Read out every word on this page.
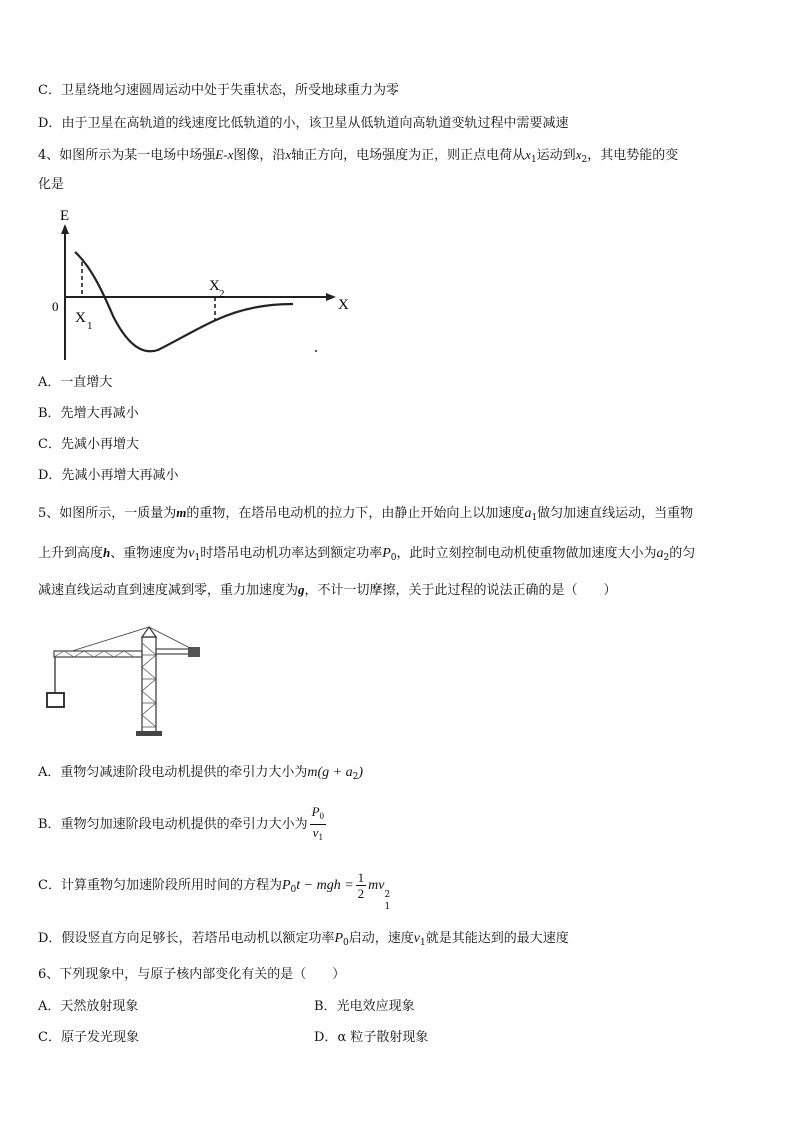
C．卫星绕地匀速圆周运动中处于失重状态，所受地球重力为零
D．由于卫星在高轨道的线速度比低轨道的小，该卫星从低轨道向高轨道变轨过程中需要减速
4、如图所示为某一电场中场强E-x图像，沿x轴正方向，电场强度为正，则正点电荷从$x_1$运动到$x_2$，其电势能的变
化是
E
X
0
X 1
X 2
A．一直增大
B．先增大再减小
C．先减小再增大
D．先减小再增大再减小
5、如图所示，一质量为m的重物，在塔吊电动机的拉力下，由静止开始向上以加速度$a_1$做匀加速直线运动，当重物
上升到高度h、重物速度为$v_1$时塔吊电动机功率达到额定功率$P_0$，此时立刻控制电动机使重物做加速度大小为$a_2$的匀
减速直线运动直到速度减到零，重力加速度为g，不计一切摩擦，关于此过程的说法正确的是（　　）
A．重物匀减速阶段电动机提供的牵引力大小为$m(g + a_2)$
B．重物匀加速阶段电动机提供的牵引力大小为 $\frac{P_0}{v_1}$
C．计算重物匀加速阶段所用时间的方程为$P_0t$ − mgh = $\frac{1}{2}$ mv
2
1
D．假设竖直方向足够长，若塔吊电动机以额定功率$P_0$启动，速度$v_1$就是其能达到的最大速度
6、下列现象中，与原子核内部变化有关的是（　　）
A．天然放射现象	B．光电效应现象
C．原子发光现象	D．α 粒子散射现象
